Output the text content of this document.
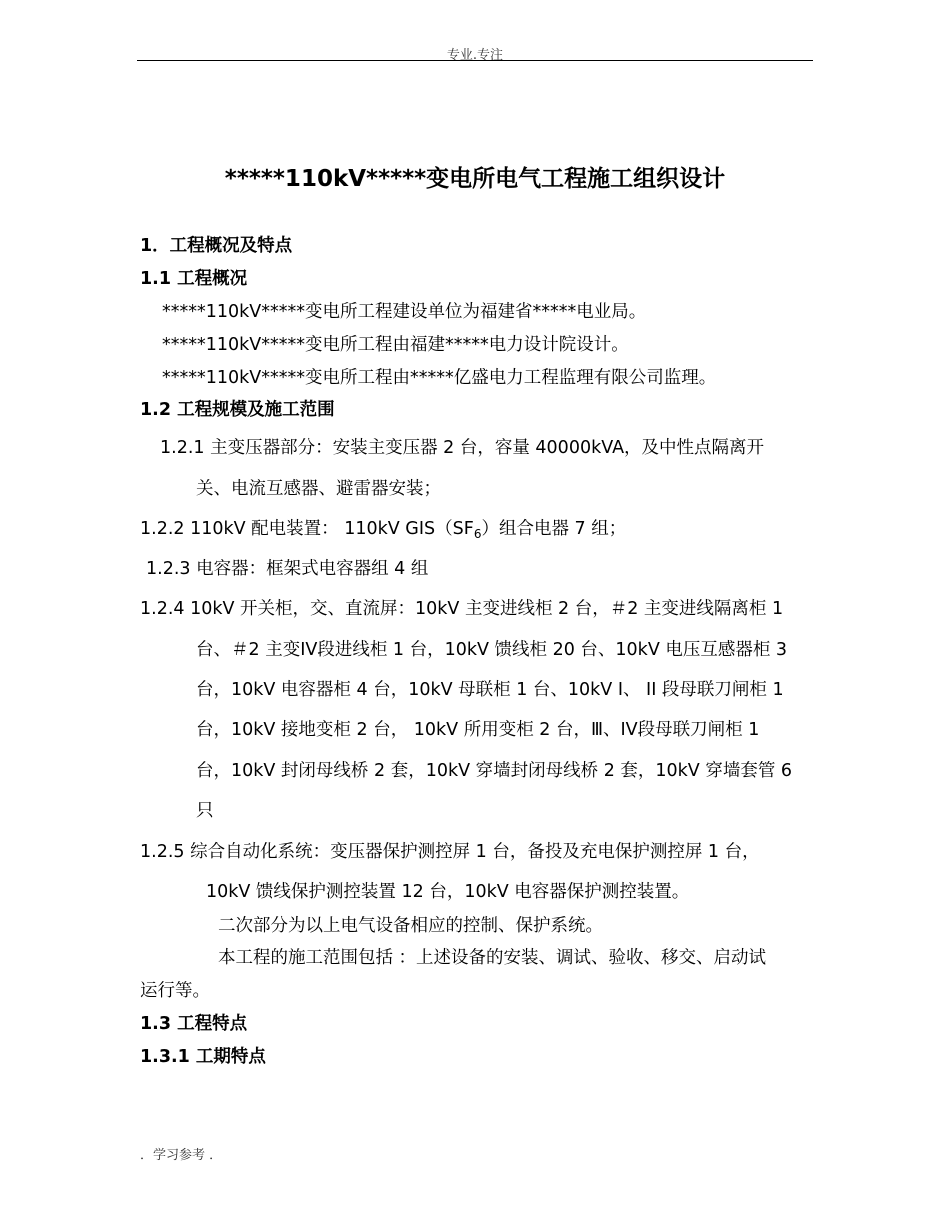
专业.专注
*****110kV*****变电所电气工程施工组织设计
1．工程概况及特点
1.1 工程概况
*****110kV*****变电所工程建设单位为福建省*****电业局。
*****110kV*****变电所工程由福建*****电力设计院设计。
*****110kV*****变电所工程由*****亿盛电力工程监理有限公司监理。
1.2 工程规模及施工范围
1.2.1 主变压器部分：安装主变压器 2 台，容量 40000kVA，及中性点隔离开
关、电流互感器、避雷器安装；
1.2.2 110kV 配电装置： 110kV $GIS(SF_6)$组合电器 7 组；
1.2.3 电容器：框架式电容器组 4 组
1.2.4 10kV 开关柜，交、直流屏：10kV 主变进线柜 2 台，＃2 主变进线隔离柜 1
台、＃2 主变IV段进线柜 1 台，10kV 馈线柜 20 台、10kV 电压互感器柜 3
台，10kV 电容器柜 4 台，10kV 母联柜 1 台、10kV I、 II 段母联刀闸柜 1
台，10kV 接地变柜 2 台， 10kV 所用变柜 2 台，Ⅲ、IV段母联刀闸柜 1
台，10kV 封闭母线桥 2 套，10kV 穿墙封闭母线桥 2 套，10kV 穿墙套管 6
只
1.2.5 综合自动化系统：变压器保护测控屏 1 台，备投及充电保护测控屏 1 台，
10kV 馈线保护测控装置 12 台，10kV 电容器保护测控装置。
二次部分为以上电气设备相应的控制、保护系统。
本工程的施工范围包括 ：上述设备的安装、调试、验收、移交、启动试
运行等。
1.3 工程特点
1.3.1 工期特点
．学习参考 ．
